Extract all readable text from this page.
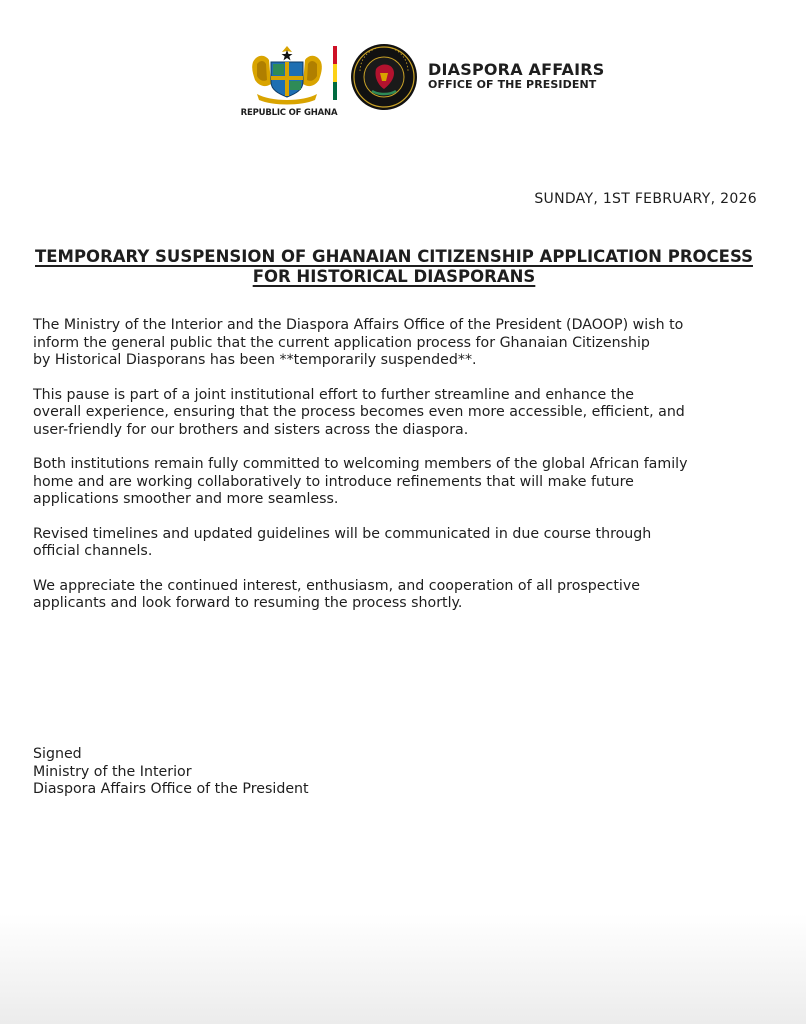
REPUBLIC OF GHANA
DIASPORA AFFAIRS
OFFICE OF THE PRESIDENT
SUNDAY, 1ST FEBRUARY, 2026
TEMPORARY SUSPENSION OF GHANAIAN CITIZENSHIP APPLICATION PROCESS
FOR HISTORICAL DIASPORANS

The Ministry of the Interior and the Diaspora Affairs Office of the President (DAOOP) wish to
inform the general public that the current application process for Ghanaian Citizenship
by Historical Diasporans has been **temporarily suspended**.

This pause is part of a joint institutional effort to further streamline and enhance the
overall experience, ensuring that the process becomes even more accessible, efficient, and
user-friendly for our brothers and sisters across the diaspora.

Both institutions remain fully committed to welcoming members of the global African family
home and are working collaboratively to introduce refinements that will make future
applications smoother and more seamless.

Revised timelines and updated guidelines will be communicated in due course through
official channels.

We appreciate the continued interest, enthusiasm, and cooperation of all prospective
applicants and look forward to resuming the process shortly.

Signed
Ministry of the Interior
Diaspora Affairs Office of the President
